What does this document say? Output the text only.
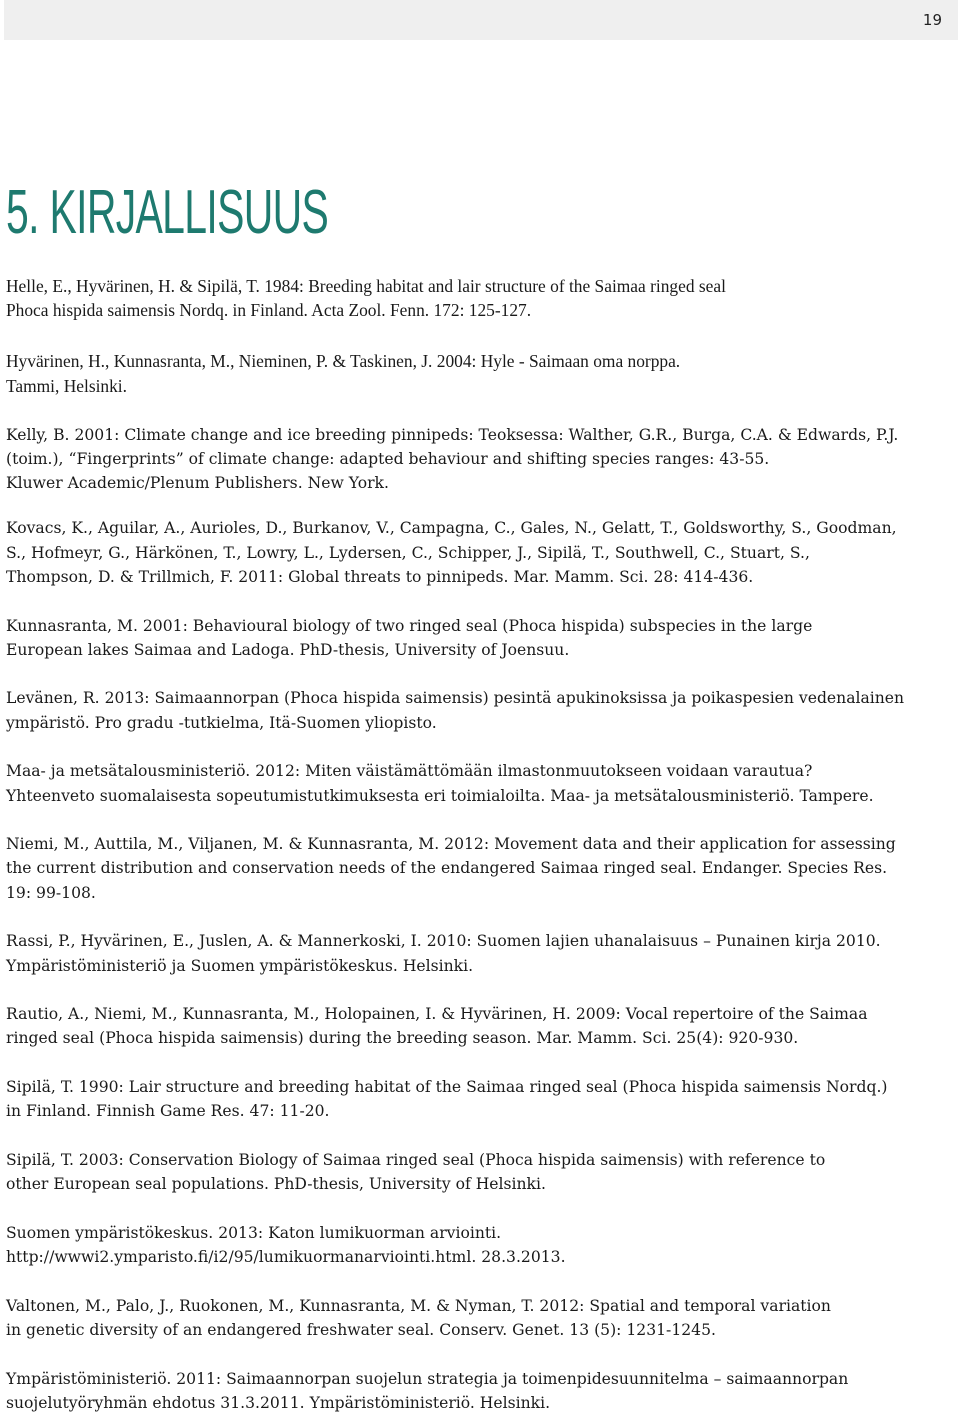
19
5. KIRJALLISUUS

Helle, E., Hyvärinen, H. & Sipilä, T. 1984: Breeding habitat and lair structure of the Saimaa ringed seal
Phoca hispida saimensis Nordq. in Finland. Acta Zool. Fenn. 172: 125-127.

Hyvärinen, H., Kunnasranta, M., Nieminen, P. & Taskinen, J. 2004: Hyle - Saimaan oma norppa.
Tammi, Helsinki.

Kelly, B. 2001: Climate change and ice breeding pinnipeds: Teoksessa: Walther, G.R., Burga, C.A. & Edwards, P.J.
(toim.), “Fingerprints” of climate change: adapted behaviour and shifting species ranges: 43-55.
Kluwer Academic/Plenum Publishers. New York.

Kovacs, K., Aguilar, A., Aurioles, D., Burkanov, V., Campagna, C., Gales, N., Gelatt, T., Goldsworthy, S., Goodman,
S., Hofmeyr, G., Härkönen, T., Lowry, L., Lydersen, C., Schipper, J., Sipilä, T., Southwell, C., Stuart, S.,
Thompson, D. & Trillmich, F. 2011: Global threats to pinnipeds. Mar. Mamm. Sci. 28: 414-436.

Kunnasranta, M. 2001: Behavioural biology of two ringed seal (Phoca hispida) subspecies in the large
European lakes Saimaa and Ladoga. PhD-thesis, University of Joensuu.

Levänen, R. 2013: Saimaannorpan (Phoca hispida saimensis) pesintä apukinoksissa ja poikaspesien vedenalainen
ympäristö. Pro gradu -tutkielma, Itä-Suomen yliopisto.

Maa- ja metsätalousministeriö. 2012: Miten väistämättömään ilmastonmuutokseen voidaan varautua?
Yhteenveto suomalaisesta sopeutumistutkimuksesta eri toimialoilta. Maa- ja metsätalousministeriö. Tampere.

Niemi, M., Auttila, M., Viljanen, M. & Kunnasranta, M. 2012: Movement data and their application for assessing
the current distribution and conservation needs of the endangered Saimaa ringed seal. Endanger. Species Res.
19: 99-108.

Rassi, P., Hyvärinen, E., Juslen, A. & Mannerkoski, I. 2010: Suomen lajien uhanalaisuus – Punainen kirja 2010.
Ympäristöministeriö ja Suomen ympäristökeskus. Helsinki.

Rautio, A., Niemi, M., Kunnasranta, M., Holopainen, I. & Hyvärinen, H. 2009: Vocal repertoire of the Saimaa
ringed seal (Phoca hispida saimensis) during the breeding season. Mar. Mamm. Sci. 25(4): 920-930.

Sipilä, T. 1990: Lair structure and breeding habitat of the Saimaa ringed seal (Phoca hispida saimensis Nordq.)
in Finland. Finnish Game Res. 47: 11-20.

Sipilä, T. 2003: Conservation Biology of Saimaa ringed seal (Phoca hispida saimensis) with reference to
other European seal populations. PhD-thesis, University of Helsinki.

Suomen ympäristökeskus. 2013: Katon lumikuorman arviointi.
http://wwwi2.ymparisto.fi/i2/95/lumikuormanarviointi.html. 28.3.2013.

Valtonen, M., Palo, J., Ruokonen, M., Kunnasranta, M. & Nyman, T. 2012: Spatial and temporal variation
in genetic diversity of an endangered freshwater seal. Conserv. Genet. 13 (5): 1231-1245.

Ympäristöministeriö. 2011: Saimaannorpan suojelun strategia ja toimenpidesuunnitelma – saimaannorpan
suojelutyöryhmän ehdotus 31.3.2011. Ympäristöministeriö. Helsinki.
